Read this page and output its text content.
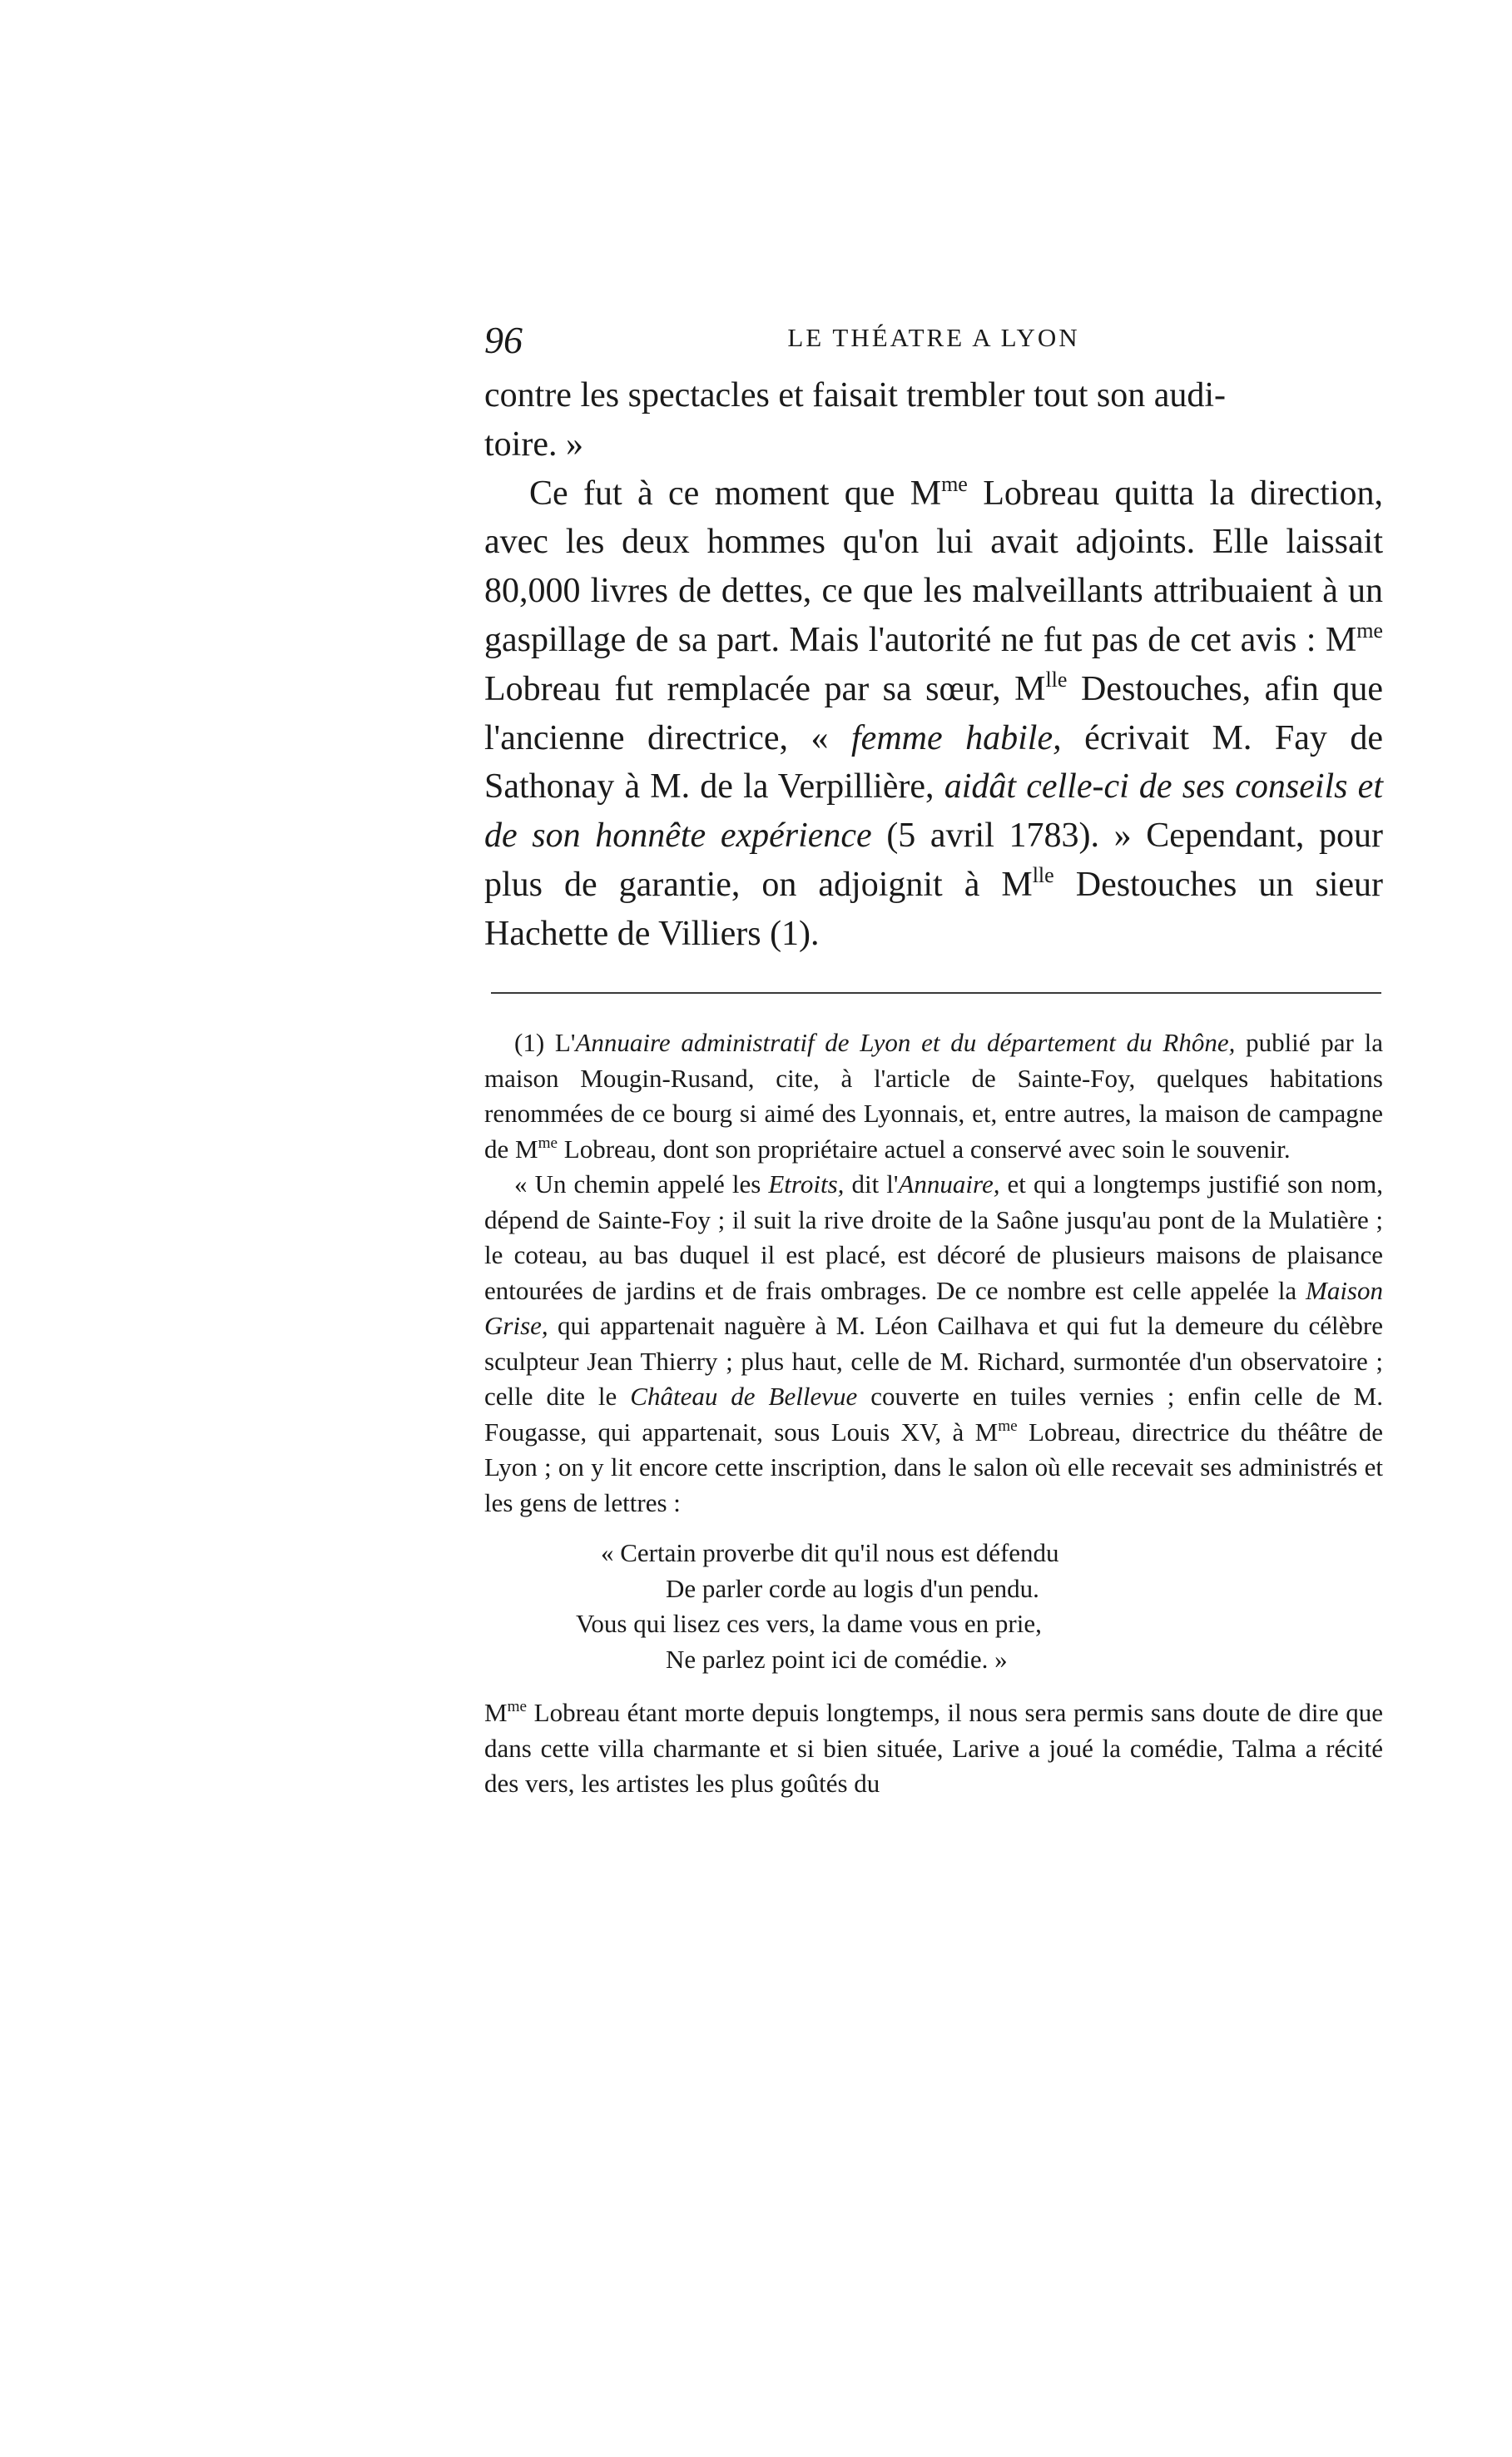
96	LE THÉATRE A LYON

contre les spectacles et faisait trembler tout son audi-
toire. »

Ce fut à ce moment que $M^{me}$ Lobreau quitta la direction, avec les deux hommes qu'on lui avait adjoints. Elle laissait 80,000 livres de dettes, ce que les malveillants attribuaient à un gaspillage de sa part. Mais l'autorité ne fut pas de cet avis : $M^{me}$ Lobreau fut remplacée par sa sœur, $M^{lle}$ Destouches, afin que l'ancienne directrice, « femme habile, écrivait M. Fay de Sathonay à M. de la Verpillière, aidât celle-ci de ses conseils et de son honnête expérience (5 avril 1783). » Cependant, pour plus de garantie, on adjoignit à $M^{lle}$ Destouches un sieur Hachette de Villiers (1).

(1) L'Annuaire administratif de Lyon et du département du Rhône, publié par la maison Mougin-Rusand, cite, à l'article de Sainte-Foy, quelques habitations renommées de ce bourg si aimé des Lyonnais, et, entre autres, la maison de campagne de $M^{me}$ Lobreau, dont son propriétaire actuel a conservé avec soin le souvenir.

« Un chemin appelé les Etroits, dit l'Annuaire, et qui a longtemps justifié son nom, dépend de Sainte-Foy ; il suit la rive droite de la Saône jusqu'au pont de la Mulatière ; le coteau, au bas duquel il est placé, est décoré de plusieurs maisons de plaisance entourées de jardins et de frais ombrages. De ce nombre est celle appelée la Maison Grise, qui appartenait naguère à M. Léon Cailhava et qui fut la demeure du célèbre sculpteur Jean Thierry ; plus haut, celle de M. Richard, surmontée d'un observatoire ; celle dite le Château de Bellevue couverte en tuiles vernies ; enfin celle de M. Fougasse, qui appartenait, sous Louis XV, à $M^{me}$ Lobreau, directrice du théâtre de Lyon ; on y lit encore cette inscription, dans le salon où elle recevait ses administrés et les gens de lettres :

« Certain proverbe dit qu'il nous est défendu
De parler corde au logis d'un pendu.
Vous qui lisez ces vers, la dame vous en prie,
Ne parlez point ici de comédie. »

$M^{me}$ Lobreau étant morte depuis longtemps, il nous sera permis sans doute de dire que dans cette villa charmante et si bien située, Larive a joué la comédie, Talma a récité des vers, les artistes les plus goûtés du
